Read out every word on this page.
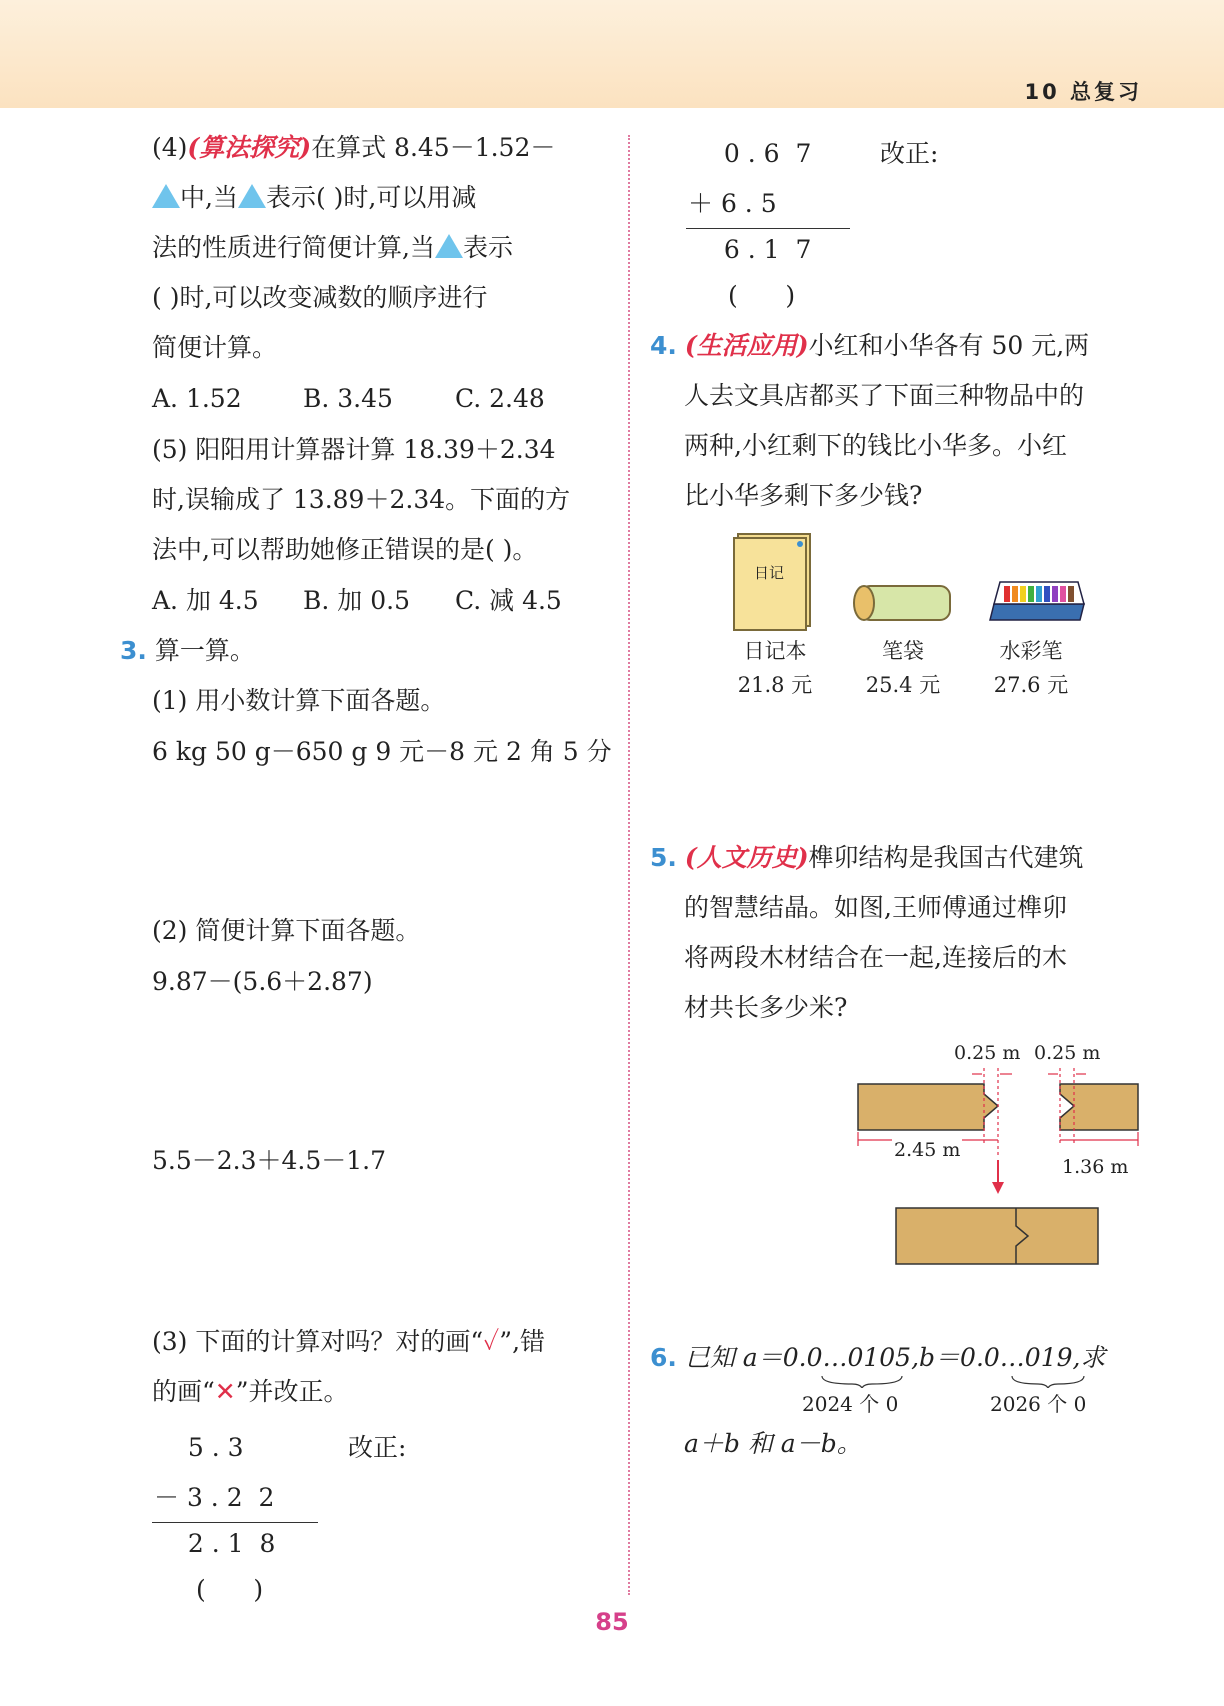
10 总复习
(4)(算法探究)在算式 8.45－1.52－
中,当 表示( )时,可以用减
法的性质进行简便计算,当 表示
( )时,可以改变减数的顺序进行
简便计算。
A. 1.52 B. 3.45 C. 2.48
(5) 阳阳用计算器计算 18.39＋2.34
时,误输成了 13.89＋2.34。下面的方
法中,可以帮助她修正错误的是( )。
A. 加 4.5 B. 加 0.5 C. 减 4.5
3. 算一算。
(1) 用小数计算下面各题。
6 kg 50 g－650 g 9 元－8 元 2 角 5 分
(2) 简便计算下面各题。
9.87－(5.6＋2.87)
5.5－2.3＋4.5－1.7
(3) 下面的计算对吗？对的画“✓”,错
的画“✕”并改正。
5 . 3	改正:
－ 3 . 2  2
2 . 1  8
(      )
0 . 6  7	改正:
＋ 6 . 5
6 . 1  7
(      )
4. (生活应用)小红和小华各有 50 元,两
人去文具店都买了下面三种物品中的
两种,小红剩下的钱比小华多。小红
比小华多剩下多少钱?
日记
日记本
21.8 元
笔袋
25.4 元
水彩笔
27.6 元
5. (人文历史)榫卯结构是我国古代建筑
的智慧结晶。如图,王师傅通过榫卯
将两段木材结合在一起,连接后的木
材共长多少米?
0.25 m 0.25 m
2.45 m
1.36 m
6. 已知 a＝0.0…0105,b＝0.0…019,求
2024 个 0	2026 个 0
a＋b 和 a－b。
85
